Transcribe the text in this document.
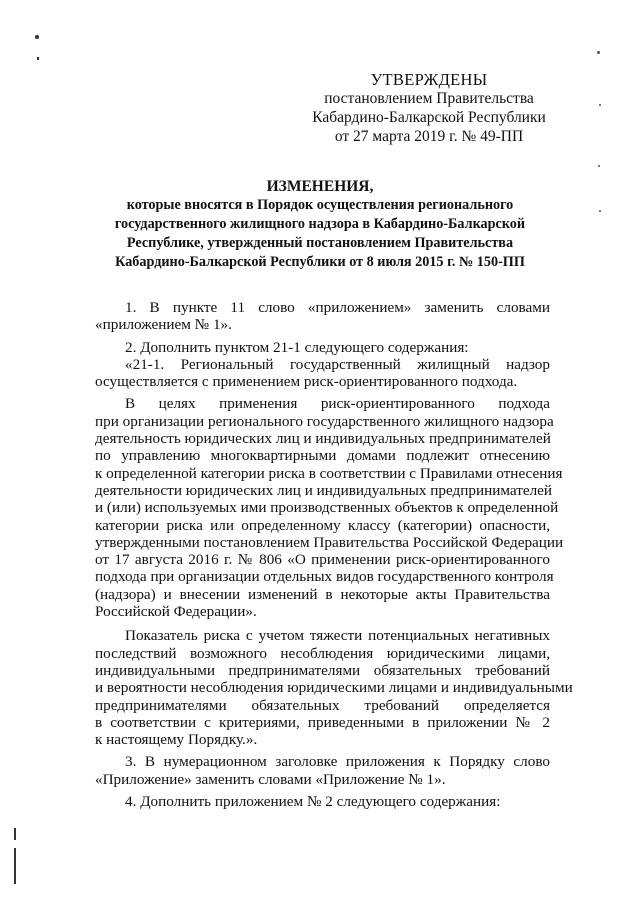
УТВЕРЖДЕНЫ
постановлением Правительства
Кабардино-Балкарской Республики
от 27 марта 2019 г. № 49-ПП
ИЗМЕНЕНИЯ,
которые вносятся в Порядок осуществления регионального
государственного жилищного надзора в Кабардино-Балкарской
Республике, утвержденный постановлением Правительства
Кабардино-Балкарской Республики от 8 июля 2015 г. № 150-ПП
1. В пункте 11 слово «приложением» заменить словами
«приложением № 1».
2. Дополнить пунктом 21-1 следующего содержания:
«21-1. Региональный государственный жилищный надзор
осуществляется с применением риск-ориентированного подхода.
В целях применения риск-ориентированного подхода
при организации регионального государственного жилищного надзора
деятельность юридических лиц и индивидуальных предпринимателей
по управлению многоквартирными домами подлежит отнесению
к определенной категории риска в соответствии с Правилами отнесения
деятельности юридических лиц и индивидуальных предпринимателей
и (или) используемых ими производственных объектов к определенной
категории риска или определенному классу (категории) опасности,
утвержденными постановлением Правительства Российской Федерации
от 17 августа 2016 г. № 806 «О применении риск-ориентированного
подхода при организации отдельных видов государственного контроля
(надзора) и внесении изменений в некоторые акты Правительства
Российской Федерации».
Показатель риска с учетом тяжести потенциальных негативных
последствий возможного несоблюдения юридическими лицами,
индивидуальными предпринимателями обязательных требований
и вероятности несоблюдения юридическими лицами и индивидуальными
предпринимателями обязательных требований определяется
в соответствии с критериями, приведенными в приложении № 2
к настоящему Порядку.».
3. В нумерационном заголовке приложения к Порядку слово
«Приложение» заменить словами «Приложение № 1».
4. Дополнить приложением № 2 следующего содержания:
